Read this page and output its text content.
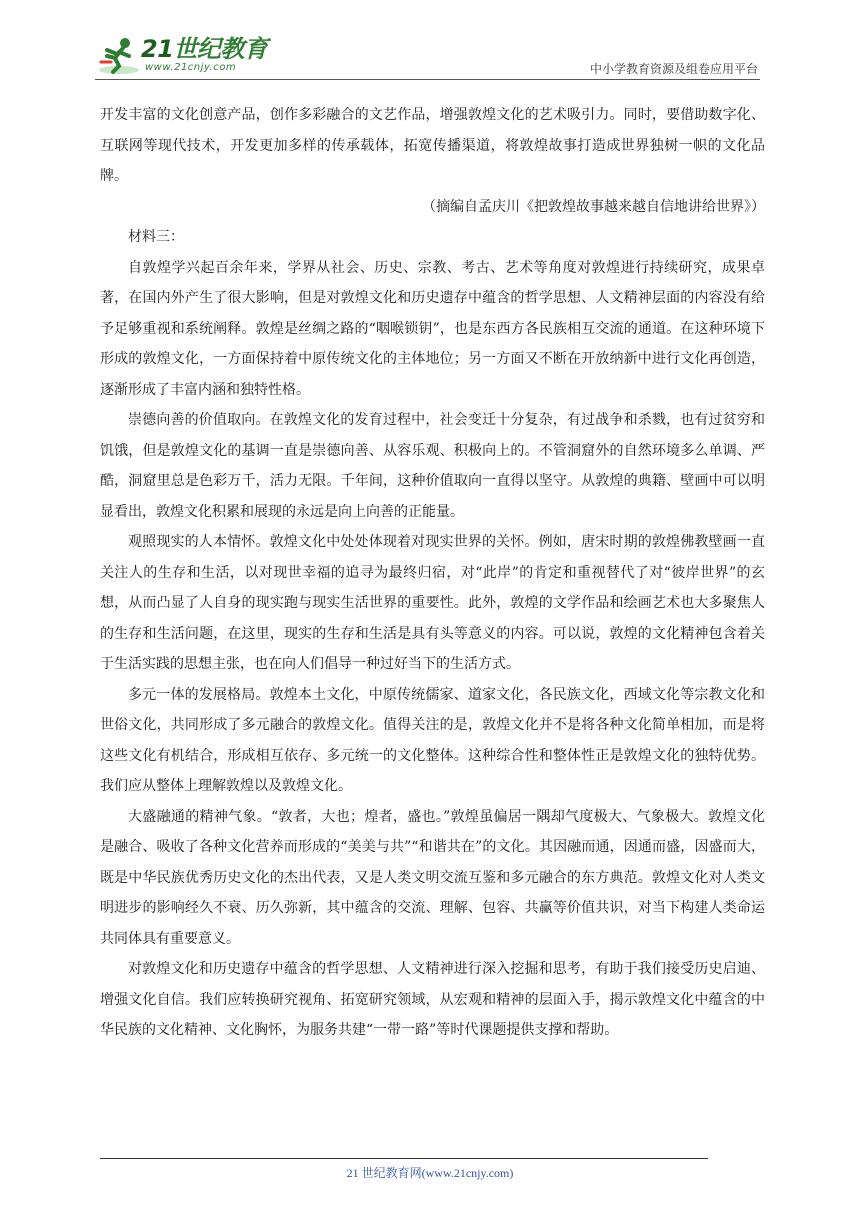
21世纪教育
www.21cnjy.com	中小学教育资源及组卷应用平台

开发丰富的文化创意产品，创作多彩融合的文艺作品，增强敦煌文化的艺术吸引力。同时，要借助数字化、互联网等现代技术，开发更加多样的传承载体，拓宽传播渠道，将敦煌故事打造成世界独树一帜的文化品牌。

（摘编自孟庆川《把敦煌故事越来越自信地讲给世界》）

材料三：

自敦煌学兴起百余年来，学界从社会、历史、宗教、考古、艺术等角度对敦煌进行持续研究，成果卓著，在国内外产生了很大影响，但是对敦煌文化和历史遗存中蕴含的哲学思想、人文精神层面的内容没有给予足够重视和系统阐释。敦煌是丝绸之路的“咽喉锁钥”，也是东西方各民族相互交流的通道。在这种环境下形成的敦煌文化，一方面保持着中原传统文化的主体地位；另一方面又不断在开放纳新中进行文化再创造，逐渐形成了丰富内涵和独特性格。

崇德向善的价值取向。在敦煌文化的发育过程中，社会变迁十分复杂，有过战争和杀戮，也有过贫穷和饥饿，但是敦煌文化的基调一直是崇德向善、从容乐观、积极向上的。不管洞窟外的自然环境多么单调、严酷，洞窟里总是色彩万千，活力无限。千年间，这种价值取向一直得以坚守。从敦煌的典籍、壁画中可以明显看出，敦煌文化积累和展现的永远是向上向善的正能量。

观照现实的人本情怀。敦煌文化中处处体现着对现实世界的关怀。例如，唐宋时期的敦煌佛教壁画一直关注人的生存和生活，以对现世幸福的追寻为最终归宿，对“此岸”的肯定和重视替代了对“彼岸世界”的玄想，从而凸显了人自身的现实跑与现实生活世界的重要性。此外，敦煌的文学作品和绘画艺术也大多聚焦人的生存和生活问题，在这里，现实的生存和生活是具有头等意义的内容。可以说，敦煌的文化精神包含着关于生活实践的思想主张，也在向人们倡导一种过好当下的生活方式。

多元一体的发展格局。敦煌本土文化，中原传统儒家、道家文化，各民族文化，西域文化等宗教文化和世俗文化，共同形成了多元融合的敦煌文化。值得关注的是，敦煌文化并不是将各种文化简单相加，而是将这些文化有机结合，形成相互依存、多元统一的文化整体。这种综合性和整体性正是敦煌文化的独特优势。我们应从整体上理解敦煌以及敦煌文化。

大盛融通的精神气象。“敦者，大也；煌者，盛也。”敦煌虽偏居一隅却气度极大、气象极大。敦煌文化是融合、吸收了各种文化营养而形成的“美美与共”“和谐共在”的文化。其因融而通，因通而盛，因盛而大，既是中华民族优秀历史文化的杰出代表，又是人类文明交流互鉴和多元融合的东方典范。敦煌文化对人类文明进步的影响经久不衰、历久弥新，其中蕴含的交流、理解、包容、共赢等价值共识，对当下构建人类命运共同体具有重要意义。

对敦煌文化和历史遗存中蕴含的哲学思想、人文精神进行深入挖掘和思考，有助于我们接受历史启迪、增强文化自信。我们应转换研究视角、拓宽研究领域，从宏观和精神的层面入手，揭示敦煌文化中蕴含的中华民族的文化精神、文化胸怀，为服务共建“一带一路”等时代课题提供支撑和帮助。

21 世纪教育网(www.21cnjy.com)
